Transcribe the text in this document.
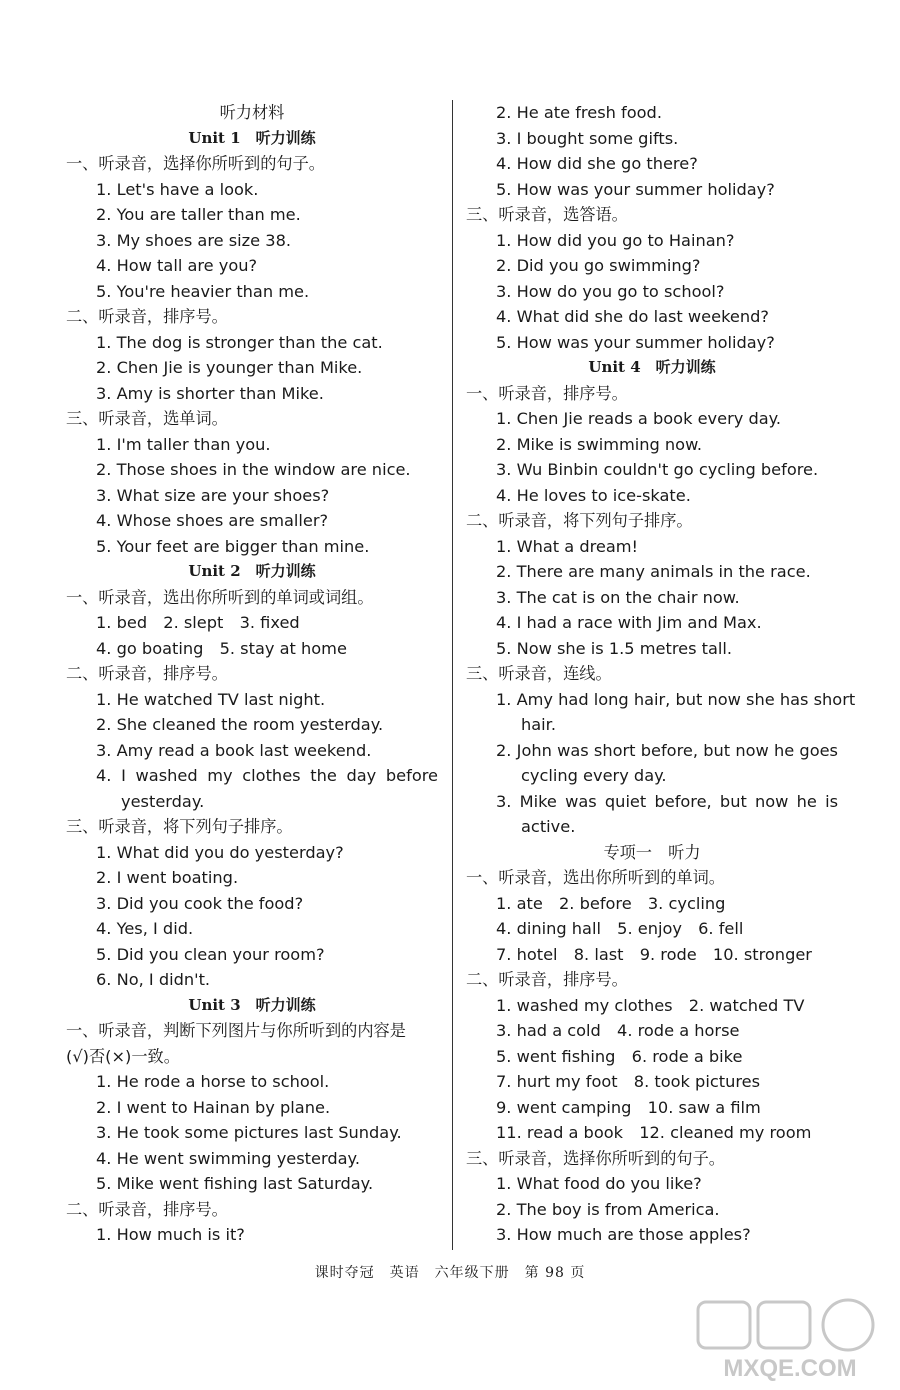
听力材料
Unit 1　听力训练
一、听录音，选择你所听到的句子。
1. Let's have a look.
2. You are taller than me.
3. My shoes are size 38.
4. How tall are you?
5. You're heavier than me.
二、听录音，排序号。
1. The dog is stronger than the cat.
2. Chen Jie is younger than Mike.
3. Amy is shorter than Mike.
三、听录音，选单词。
1. I'm taller than you.
2. Those shoes in the window are nice.
3. What size are your shoes?
4. Whose shoes are smaller?
5. Your feet are bigger than mine.
Unit 2　听力训练
一、听录音，选出你所听到的单词或词组。
1. bed　2. slept　3. fixed
4. go boating　5. stay at home
二、听录音，排序号。
1. He watched TV last night.
2. She cleaned the room yesterday.
3. Amy read a book last weekend.
4. I washed my clothes the day before
yesterday.
三、听录音，将下列句子排序。
1. What did you do yesterday?
2. I went boating.
3. Did you cook the food?
4. Yes, I did.
5. Did you clean your room?
6. No, I didn't.
Unit 3　听力训练
一、听录音，判断下列图片与你所听到的内容是
(√)否(×)一致。
1. He rode a horse to school.
2. I went to Hainan by plane.
3. He took some pictures last Sunday.
4. He went swimming yesterday.
5. Mike went fishing last Saturday.
二、听录音，排序号。
1. How much is it?
2. He ate fresh food.
3. I bought some gifts.
4. How did she go there?
5. How was your summer holiday?
三、听录音，选答语。
1. How did you go to Hainan?
2. Did you go swimming?
3. How do you go to school?
4. What did she do last weekend?
5. How was your summer holiday?
Unit 4　听力训练
一、听录音，排序号。
1. Chen Jie reads a book every day.
2. Mike is swimming now.
3. Wu Binbin couldn't go cycling before.
4. He loves to ice-skate.
二、听录音，将下列句子排序。
1. What a dream!
2. There are many animals in the race.
3. The cat is on the chair now.
4. I had a race with Jim and Max.
5. Now she is 1.5 metres tall.
三、听录音，连线。
1. Amy had long hair, but now she has short
hair.
2. John was short before, but now he goes
cycling every day.
3. Mike was quiet before, but now he is
active.
专项一　听力
一、听录音，选出你所听到的单词。
1. ate　2. before　3. cycling
4. dining hall　5. enjoy　6. fell
7. hotel　8. last　9. rode　10. stronger
二、听录音，排序号。
1. washed my clothes　2. watched TV
3. had a cold　4. rode a horse
5. went fishing　6. rode a bike
7. hurt my foot　8. took pictures
9. went camping　10. saw a film
11. read a book　12. cleaned my room
三、听录音，选择你所听到的句子。
1. What food do you like?
2. The boy is from America.
3. How much are those apples?
课时夺冠　英语　六年级下册　第 98 页
MXQE.COM
